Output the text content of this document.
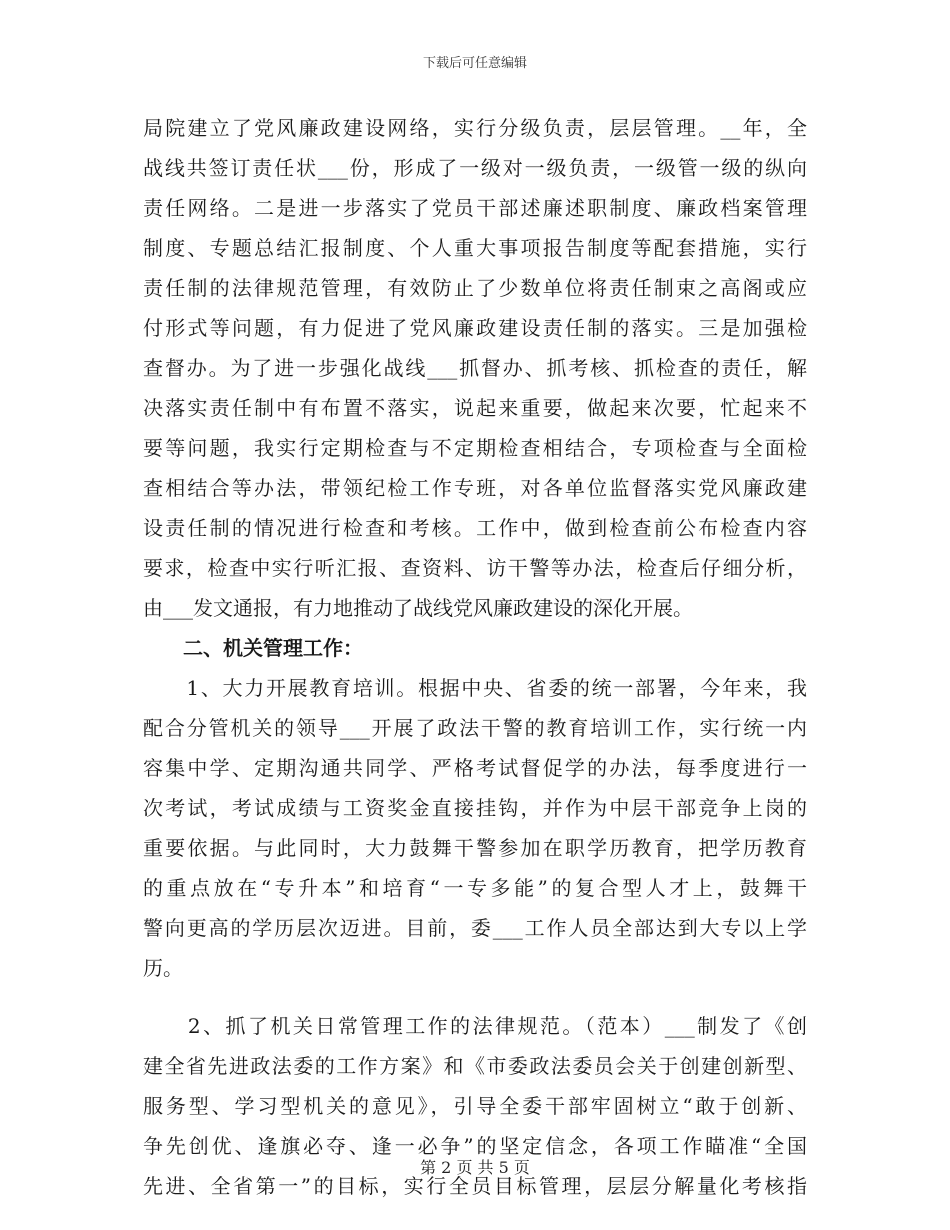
下载后可任意编辑
局院建立了党风廉政建设网络，实行分级负责，层层管理。__年，全
战线共签订责任状___份，形成了一级对一级负责，一级管一级的纵向
责任网络。二是进一步落实了党员干部述廉述职制度、廉政档案管理
制度、专题总结汇报制度、个人重大事项报告制度等配套措施，实行
责任制的法律规范管理，有效防止了少数单位将责任制束之高阁或应
付形式等问题，有力促进了党风廉政建设责任制的落实。三是加强检
查督办。为了进一步强化战线___抓督办、抓考核、抓检查的责任，解
决落实责任制中有布置不落实，说起来重要，做起来次要，忙起来不
要等问题，我实行定期检查与不定期检查相结合，专项检查与全面检
查相结合等办法，带领纪检工作专班，对各单位监督落实党风廉政建
设责任制的情况进行检查和考核。工作中，做到检查前公布检查内容
要求，检查中实行听汇报、查资料、访干警等办法，检查后仔细分析，
由___发文通报，有力地推动了战线党风廉政建设的深化开展。
二、机关管理工作：
　　1、大力开展教育培训。根据中央、省委的统一部署，今年来，我
配合分管机关的领导___开展了政法干警的教育培训工作，实行统一内
容集中学、定期沟通共同学、严格考试督促学的办法，每季度进行一
次考试，考试成绩与工资奖金直接挂钩，并作为中层干部竞争上岗的
重要依据。与此同时，大力鼓舞干警参加在职学历教育，把学历教育
的重点放在“专升本”和培育“一专多能”的复合型人才上，鼓舞干
警向更高的学历层次迈进。目前，委___工作人员全部达到大专以上学
历。
　　2、抓了机关日常管理工作的法律规范。（范本）___制发了《创
建全省先进政法委的工作方案》和《市委政法委员会关于创建创新型、
服务型、学习型机关的意见》，引导全委干部牢固树立“敢于创新、
争先创优、逢旗必夺、逢一必争”的坚定信念，各项工作瞄准“全国
先进、全省第一”的目标，实行全员目标管理，层层分解量化考核指
第 2 页 共 5 页
